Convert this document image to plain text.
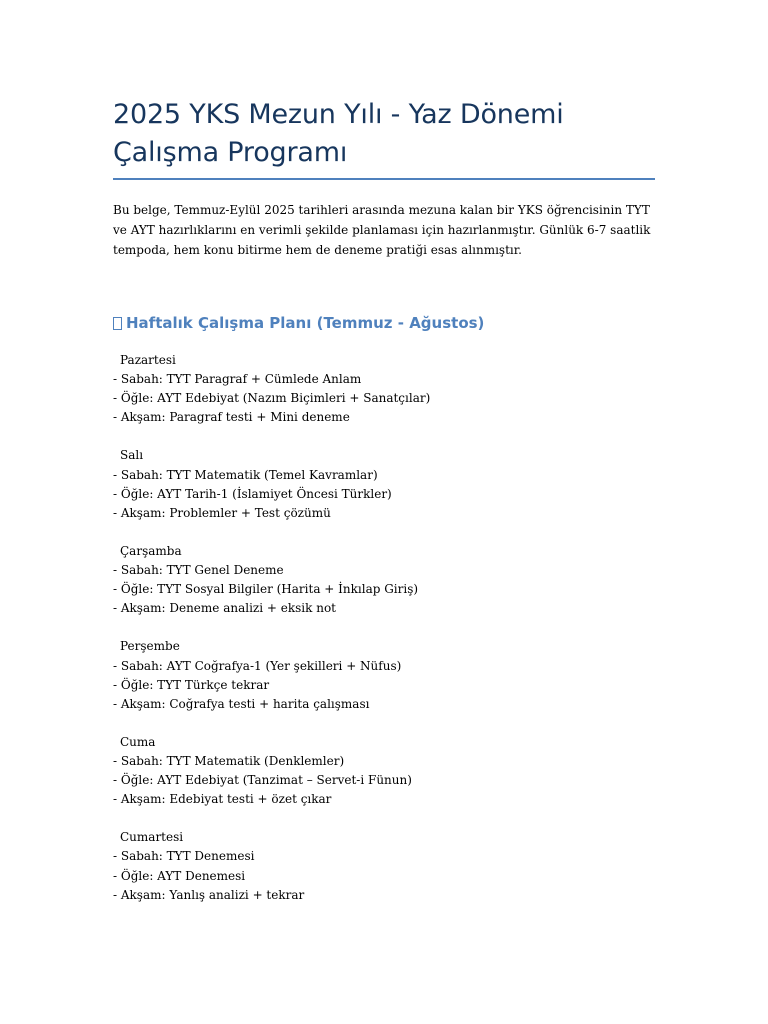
2025 YKS Mezun Yılı - Yaz Dönemi
Çalışma Programı

Bu belge, Temmuz-Eylül 2025 tarihleri arasında mezuna kalan bir YKS öğrencisinin TYT ve AYT hazırlıklarını en verimli şekilde planlaması için hazırlanmıştır. Günlük 6-7 saatlik tempoda, hem konu bitirme hem de deneme pratiği esas alınmıştır.

Haftalık Çalışma Planı (Temmuz - Ağustos)
Pazartesi
- Sabah: TYT Paragraf + Cümlede Anlam
- Öğle: AYT Edebiyat (Nazım Biçimleri + Sanatçılar)
- Akşam: Paragraf testi + Mini deneme
Salı
- Sabah: TYT Matematik (Temel Kavramlar)
- Öğle: AYT Tarih-1 (İslamiyet Öncesi Türkler)
- Akşam: Problemler + Test çözümü
Çarşamba
- Sabah: TYT Genel Deneme
- Öğle: TYT Sosyal Bilgiler (Harita + İnkılap Giriş)
- Akşam: Deneme analizi + eksik not
Perşembe
- Sabah: AYT Coğrafya-1 (Yer şekilleri + Nüfus)
- Öğle: TYT Türkçe tekrar
- Akşam: Coğrafya testi + harita çalışması
Cuma
- Sabah: TYT Matematik (Denklemler)
- Öğle: AYT Edebiyat (Tanzimat – Servet-i Fünun)
- Akşam: Edebiyat testi + özet çıkar
Cumartesi
- Sabah: TYT Denemesi
- Öğle: AYT Denemesi
- Akşam: Yanlış analizi + tekrar
